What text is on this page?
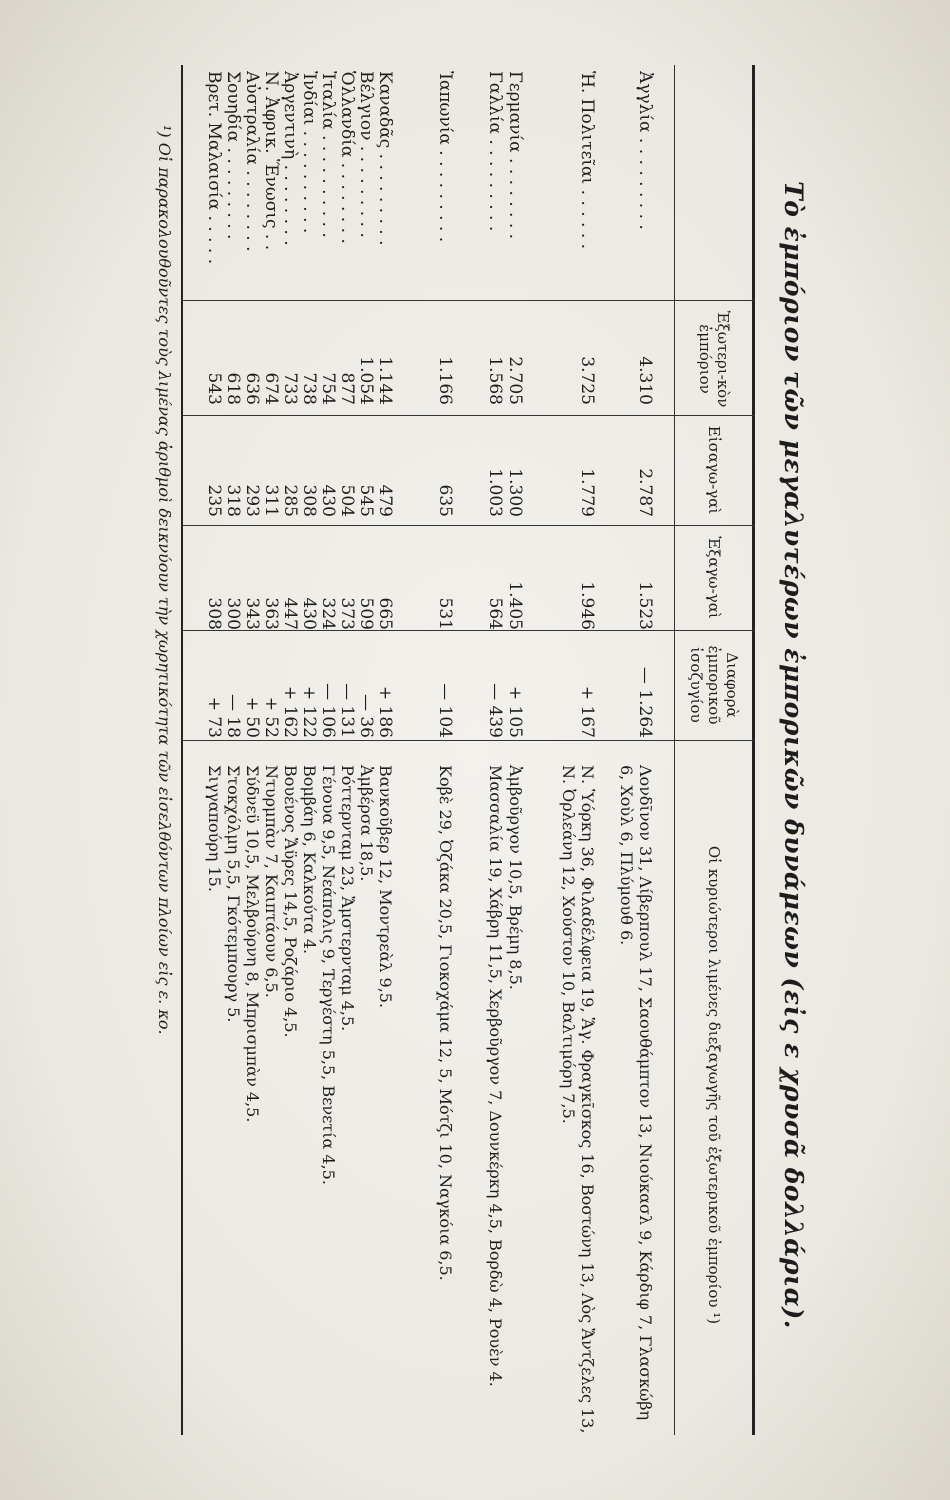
Τὸ ἐμπόριον τῶν μεγαλυτέρων ἐμπορικῶν δυνάμεων (εἰς ε χρυσᾶ δολλάρια).
Ἐξωτερι-κὸν ἐμπόριον
Εἰσαγω-γαὶ
Ἐξαγω-γαὶ
Διαφορὰ ἐμπορικοῦ ἰσοζυγίου
Οἱ κυριώτεροι λιμένες διεξαγωγῆς τοῦ ἐξωτερικοῦ ἐμπορίου ¹)
Ἀγγλία . . . . . . . . .
4.310
2.787
1.523
— 1.264
Λονδῖνον 31, Λίβερπουλ 17, Σαουθάμπτον 13, Νιούκασλ 9, Κάρδιφ 7, Γλασκώβη 6, Χοὺλ 6, Πλύμουθ 6.
Ἡ. Πολιτεῖαι . . . . . .
3.725
1.779
1.946
+ 167
Ν. Ὑόρκη 36, Φιλαδέλφεια 19, Ἅγ. Φραγκῖσκος 16, Βοστώνη 13, Λὸς Ἄντζελες 13, Ν. Ὀρλεάνη 12, Χούστον 10, Βαλτιμόρη 7,5.
Γερμανία . . . . . . . .
2.705
1.300
1.405
+ 105
Ἀμβοῦργον 10,5, Βρέμη 8,5.
Γαλλία . . . . . . . . .
1.568
1.003
564
— 439
Μασσαλία 19, Χάβρη 11,5, Χερβοῦργον 7, Δουνκέρκη 4,5, Βορδὼ 4, Ρουὲν 4.
Ἰαπωνία . . . . . . . . .
1.166
635
531
— 104
Κοβὲ 29, Ὀζάκα 20,5, Γιοκοχάμα 12, 5, Μότζι 10, Ναγκόια 6,5.
Καναδᾶς . . . . . . . . .
1.144
479
665
+ 186
Βανκοῦβερ 12, Μοντρεὰλ 9,5.
Βέλγιον . . . . . . . . .
1.054
545
509
— 36
Ἀμβέρσα 18,5.
Ὁλλανδία . . . . . . . .
877
504
373
— 131
Ρόττερνταμ 23, Ἄμστερνταμ 4,5.
Ἰταλία . . . . . . . . . .
754
430
324
— 106
Γένουα 9,5, Νεάπολις 9, Τεργέστη 5,5, Βενετία 4,5.
Ἰνδίαι . . . . . . . . . .
738
308
430
+ 122
Βομβάη 6, Καλκούτα 4.
Ἀργεντινὴ . . . . . . . .
733
285
447
+ 162
Βουένος Ἄϋρες 14,5, Ροζάριο 4,5.
Ν. Ἀφρικ. Ἕνωσις . .
674
311
363
+ 52
Ντυρμπὰν 7, Καιπτάουν 6,5.
Αὐστραλία . . . . . . . .
636
293
343
+ 50
Σύδνεϋ 10,5, Μελβούρνη 8, Μπρισμπὰν 4,5.
Σουηδία . . . . . . . . .
618
318
300
— 18
Στοκχόλμη 5,5, Γκότεμπουργ 5.
Βρετ. Μαλαισία . . . . .
543
235
308
+ 73
Σιγγαπούρη 15.
¹) Οἱ παρακολουθοῦντες τοὺς λιμένας ἀριθμοὶ δεικνύουν τὴν χωρητικότητα τῶν εἰσελθόντων πλοίων εἰς ε. κο.
